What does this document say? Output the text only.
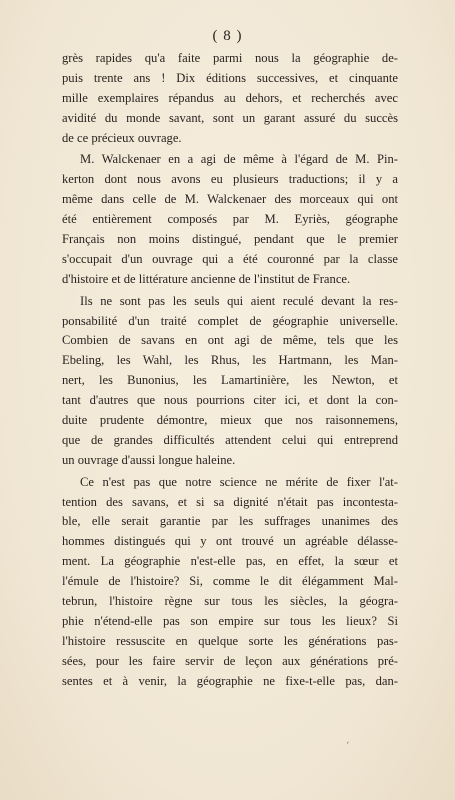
( 8 )
grès rapides qu'a faite parmi nous la géographie de-
puis trente ans ! Dix éditions successives, et cinquante
mille exemplaires répandus au dehors, et recherchés avec
avidité du monde savant, sont un garant assuré du succès
de ce précieux ouvrage.
M. Walckenaer en a agi de même à l'égard de M. Pin-
kerton dont nous avons eu plusieurs traductions; il y a
même dans celle de M. Walckenaer des morceaux qui ont
été entièrement composés par M. Eyriès, géographe
Français non moins distingué, pendant que le premier
s'occupait d'un ouvrage qui a été couronné par la classe
d'histoire et de littérature ancienne de l'institut de France.
Ils ne sont pas les seuls qui aient reculé devant la res-
ponsabilité d'un traité complet de géographie universelle.
Combien de savans en ont agi de même, tels que les
Ebeling, les Wahl, les Rhus, les Hartmann, les Man-
nert, les Bunonius, les Lamartinière, les Newton, et
tant d'autres que nous pourrions citer ici, et dont la con-
duite prudente démontre, mieux que nos raisonnemens,
que de grandes difficultés attendent celui qui entreprend
un ouvrage d'aussi longue haleine.
Ce n'est pas que notre science ne mérite de fixer l'at-
tention des savans, et si sa dignité n'était pas incontesta-
ble, elle serait garantie par les suffrages unanimes des
hommes distingués qui y ont trouvé un agréable délasse-
ment. La géographie n'est-elle pas, en effet, la sœur et
l'émule de l'histoire? Si, comme le dit élégamment Mal-
tebrun, l'histoire règne sur tous les siècles, la géogra-
phie n'étend-elle pas son empire sur tous les lieux? Si
l'histoire ressuscite en quelque sorte les générations pas-
sées, pour les faire servir de leçon aux générations pré-
sentes et à venir, la géographie ne fixe-t-elle pas, dan-
ʹ
